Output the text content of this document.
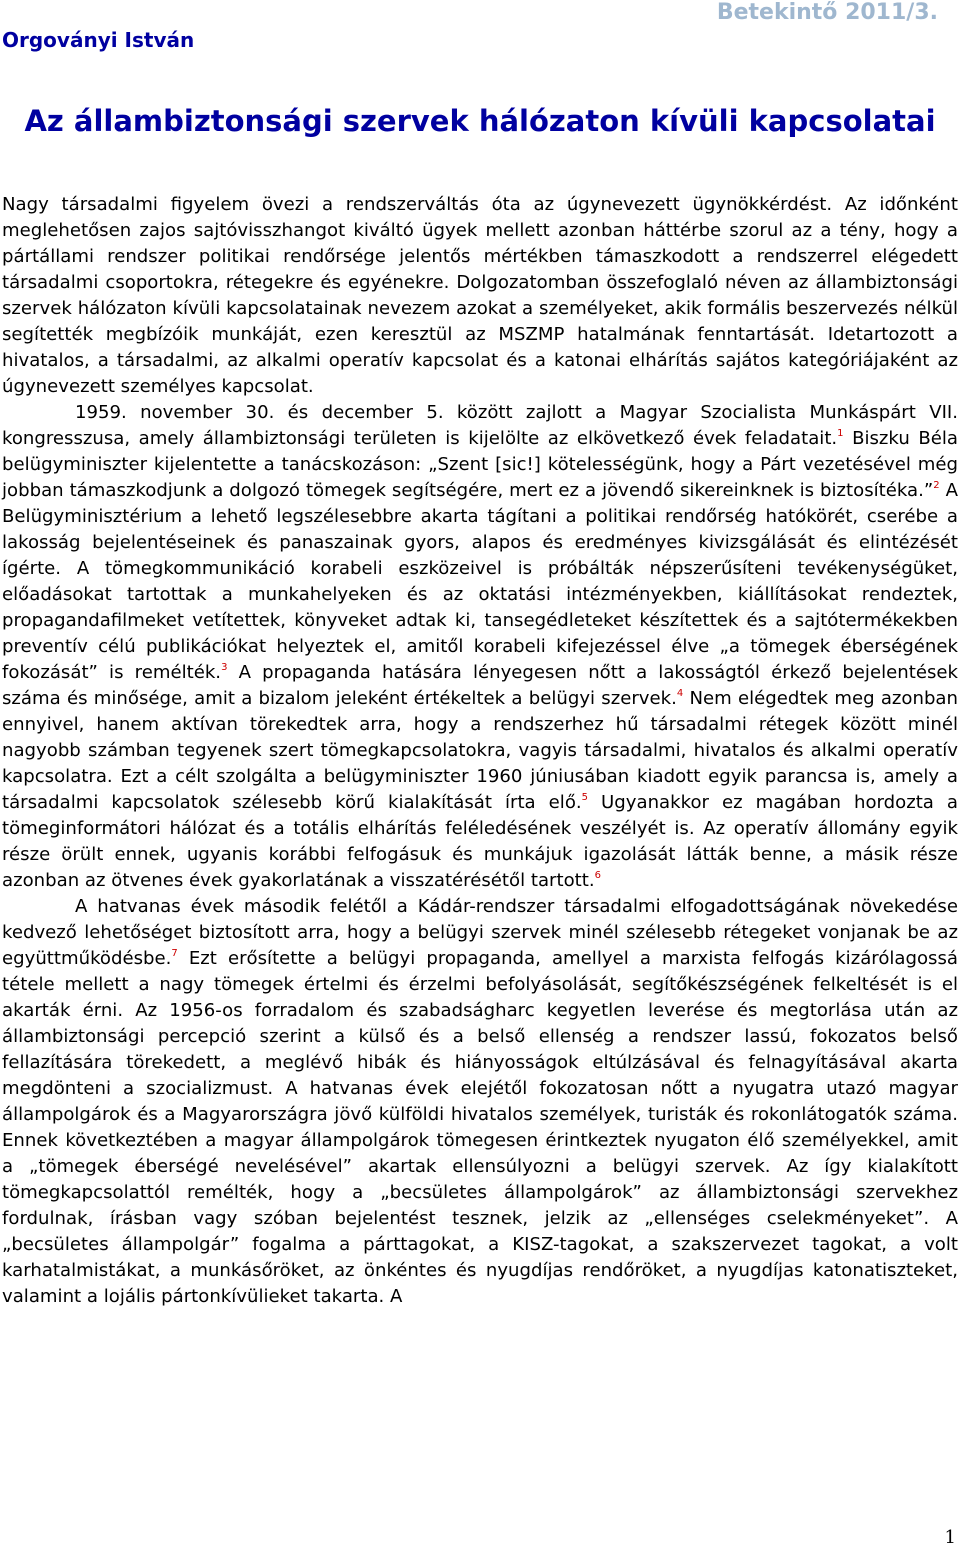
Orgoványi István
Betekintő 2011/3.
Az állambiztonsági szervek hálózaton kívüli kapcsolatai

Nagy társadalmi figyelem övezi a rendszerváltás óta az úgynevezett ügynökkérdést. Az időnként meglehetősen zajos sajtóvisszhangot kiváltó ügyek mellett azonban háttérbe szorul az a tény, hogy a pártállami rendszer politikai rendőrsége jelentős mértékben támaszkodott a rendszerrel elégedett társadalmi csoportokra, rétegekre és egyénekre. Dolgozatomban összefoglaló néven az állambiztonsági szervek hálózaton kívüli kapcsolatainak nevezem azokat a személyeket, akik formális beszervezés nélkül segítették megbízóik munkáját, ezen keresztül az MSZMP hatalmának fenntartását. Idetartozott a hivatalos, a társadalmi, az alkalmi operatív kapcsolat és a katonai elhárítás sajátos kategóriájaként az úgynevezett személyes kapcsolat.

1959. november 30. és december 5. között zajlott a Magyar Szocialista Munkáspárt VII. kongresszusa, amely állambiztonsági területen is kijelölte az elkövetkező évek feladatait.$^1$ Biszku Béla belügyminiszter kijelentette a tanácskozáson: „Szent [sic!] kötelességünk, hogy a Párt vezetésével még jobban támaszkodjunk a dolgozó tömegek segítségére, mert ez a jövendő sikereinknek is biztosítéka.”$^2$ A Belügyminisztérium a lehető legszélesebbre akarta tágítani a politikai rendőrség hatókörét, cserébe a lakosság bejelentéseinek és panaszainak gyors, alapos és eredményes kivizsgálását és elintézését ígérte. A tömegkommunikáció korabeli eszközeivel is próbálták népszerűsíteni tevékenységüket, előadásokat tartottak a munkahelyeken és az oktatási intézményekben, kiállításokat rendeztek, propagandafilmeket vetítettek, könyveket adtak ki, tansegédleteket készítettek és a sajtótermékekben preventív célú publikációkat helyeztek el, amitől korabeli kifejezéssel élve „a tömegek éberségének fokozását” is remélték.$^3$ A propaganda hatására lényegesen nőtt a lakosságtól érkező bejelentések száma és minősége, amit a bizalom jeleként értékeltek a belügyi szervek.$^4$ Nem elégedtek meg azonban ennyivel, hanem aktívan törekedtek arra, hogy a rendszerhez hű társadalmi rétegek között minél nagyobb számban tegyenek szert tömegkapcsolatokra, vagyis társadalmi, hivatalos és alkalmi operatív kapcsolatra. Ezt a célt szolgálta a belügyminiszter 1960 júniusában kiadott egyik parancsa is, amely a társadalmi kapcsolatok szélesebb körű kialakítását írta elő.$^5$ Ugyanakkor ez magában hordozta a tömeginformátori hálózat és a totális elhárítás feléledésének veszélyét is. Az operatív állomány egyik része örült ennek, ugyanis korábbi felfogásuk és munkájuk igazolását látták benne, a másik része azonban az ötvenes évek gyakorlatának a visszatérésétől tartott.$^6$

A hatvanas évek második felétől a Kádár-rendszer társadalmi elfogadottságának növekedése kedvező lehetőséget biztosított arra, hogy a belügyi szervek minél szélesebb rétegeket vonjanak be az együttműködésbe.$^7$ Ezt erősítette a belügyi propaganda, amellyel a marxista felfogás kizárólagossá tétele mellett a nagy tömegek értelmi és érzelmi befolyásolását, segítőkészségének felkeltését is el akarták érni. Az 1956-os forradalom és szabadságharc kegyetlen leverése és megtorlása után az állambiztonsági percepció szerint a külső és a belső ellenség a rendszer lassú, fokozatos belső fellazítására törekedett, a meglévő hibák és hiányosságok eltúlzásával és felnagyításával akarta megdönteni a szocializmust. A hatvanas évek elejétől fokozatosan nőtt a nyugatra utazó magyar állampolgárok és a Magyarországra jövő külföldi hivatalos személyek, turisták és rokonlátogatók száma. Ennek következtében a magyar állampolgárok tömegesen érintkeztek nyugaton élő személyekkel, amit a „tömegek éberségé nevelésével” akartak ellensúlyozni a belügyi szervek. Az így kialakított tömegkapcsolattól remélték, hogy a „becsületes állampolgárok” az állambiztonsági szervekhez fordulnak, írásban vagy szóban bejelentést tesznek, jelzik az „ellenséges cselekményeket”. A „becsületes állampolgár” fogalma a párttagokat, a KISZ-tagokat, a szakszervezet tagokat, a volt karhatalmistákat, a munkásőröket, az önkéntes és nyugdíjas rendőröket, a nyugdíjas katonatiszteket, valamint a lojális pártonkívülieket takarta. A

1
